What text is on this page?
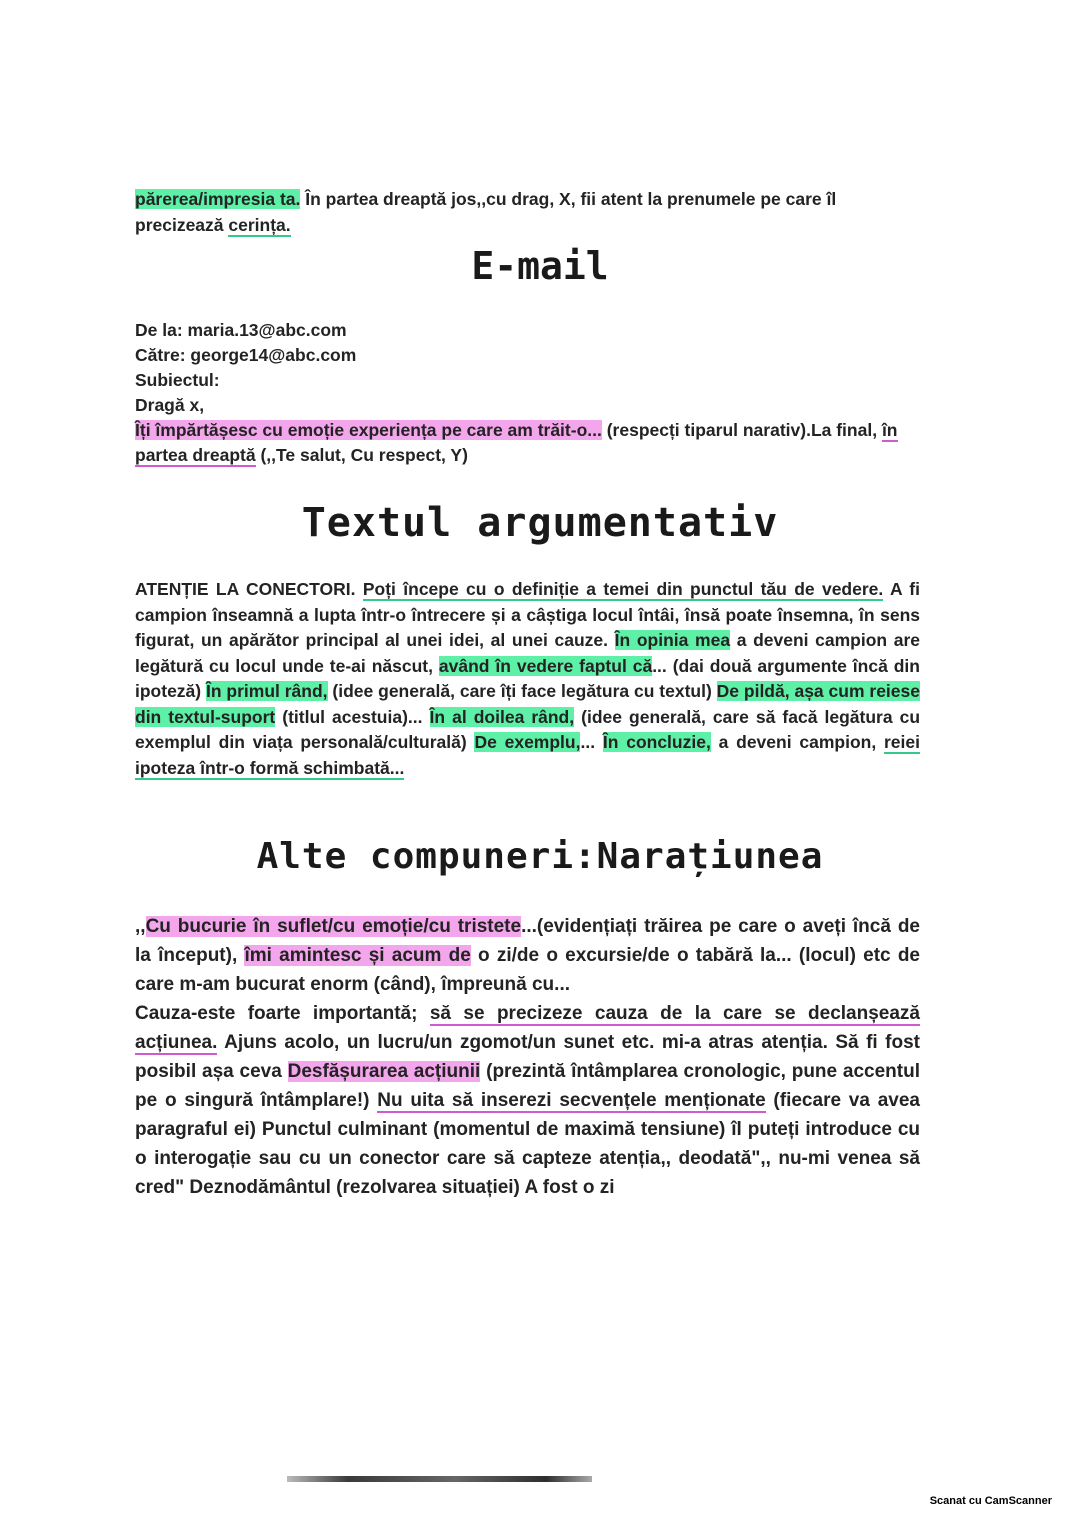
părerea/impresia ta. În partea dreaptă jos,,cu drag, X, fii atent la prenumele pe care îl precizează cerința.
E-mail

De la: maria.13@abc.com

Către: george14@abc.com

Subiectul:

Dragă x,

Îți împărtășesc cu emoție experiența pe care am trăit-o... (respecți tiparul narativ).La final, în partea dreaptă (,,Te salut, Cu respect, Y)

Textul argumentativ
ATENȚIE LA CONECTORI. Poți începe cu o definiție a temei din punctul tău de vedere. A fi campion înseamnă a lupta într-o întrecere și a câștiga locul întâi, însă poate însemna, în sens figurat, un apărător principal al unei idei, al unei cauze. În opinia mea a deveni campion are legătură cu locul unde te-ai născut, având în vedere faptul că... (dai două argumente încă din ipoteză) În primul rând, (idee generală, care îți face legătura cu textul) De pildă, așa cum reiese din textul-suport (titlul acestuia)... În al doilea rând, (idee generală, care să facă legătura cu exemplul din viața personală/culturală) De exemplu,... În concluzie, a deveni campion, reiei ipoteza într-o formă schimbată...
Alte compuneri:Narațiunea

,,Cu bucurie în suflet/cu emoție/cu tristete...(evidențiați trăirea pe care o aveți încă de la început), îmi amintesc și acum de o zi/de o excursie/de o tabără la... (locul) etc de care m-am bucurat enorm (când), împreună cu...

Cauza-este foarte importantă; să se precizeze cauza de la care se declanșează acțiunea. Ajuns acolo, un lucru/un zgomot/un sunet etc. mi-a atras atenția. Să fi fost posibil așa ceva Desfășurarea acțiunii (prezintă întâmplarea cronologic, pune accentul pe o singură întâmplare!) Nu uita să inserezi secvențele menționate (fiecare va avea paragraful ei) Punctul culminant (momentul de maximă tensiune) îl puteți introduce cu o interogație sau cu un conector care să capteze atenția,, deodată",, nu-mi venea să cred" Deznodământul (rezolvarea situației) A fost o zi

Scanat cu CamScanner
